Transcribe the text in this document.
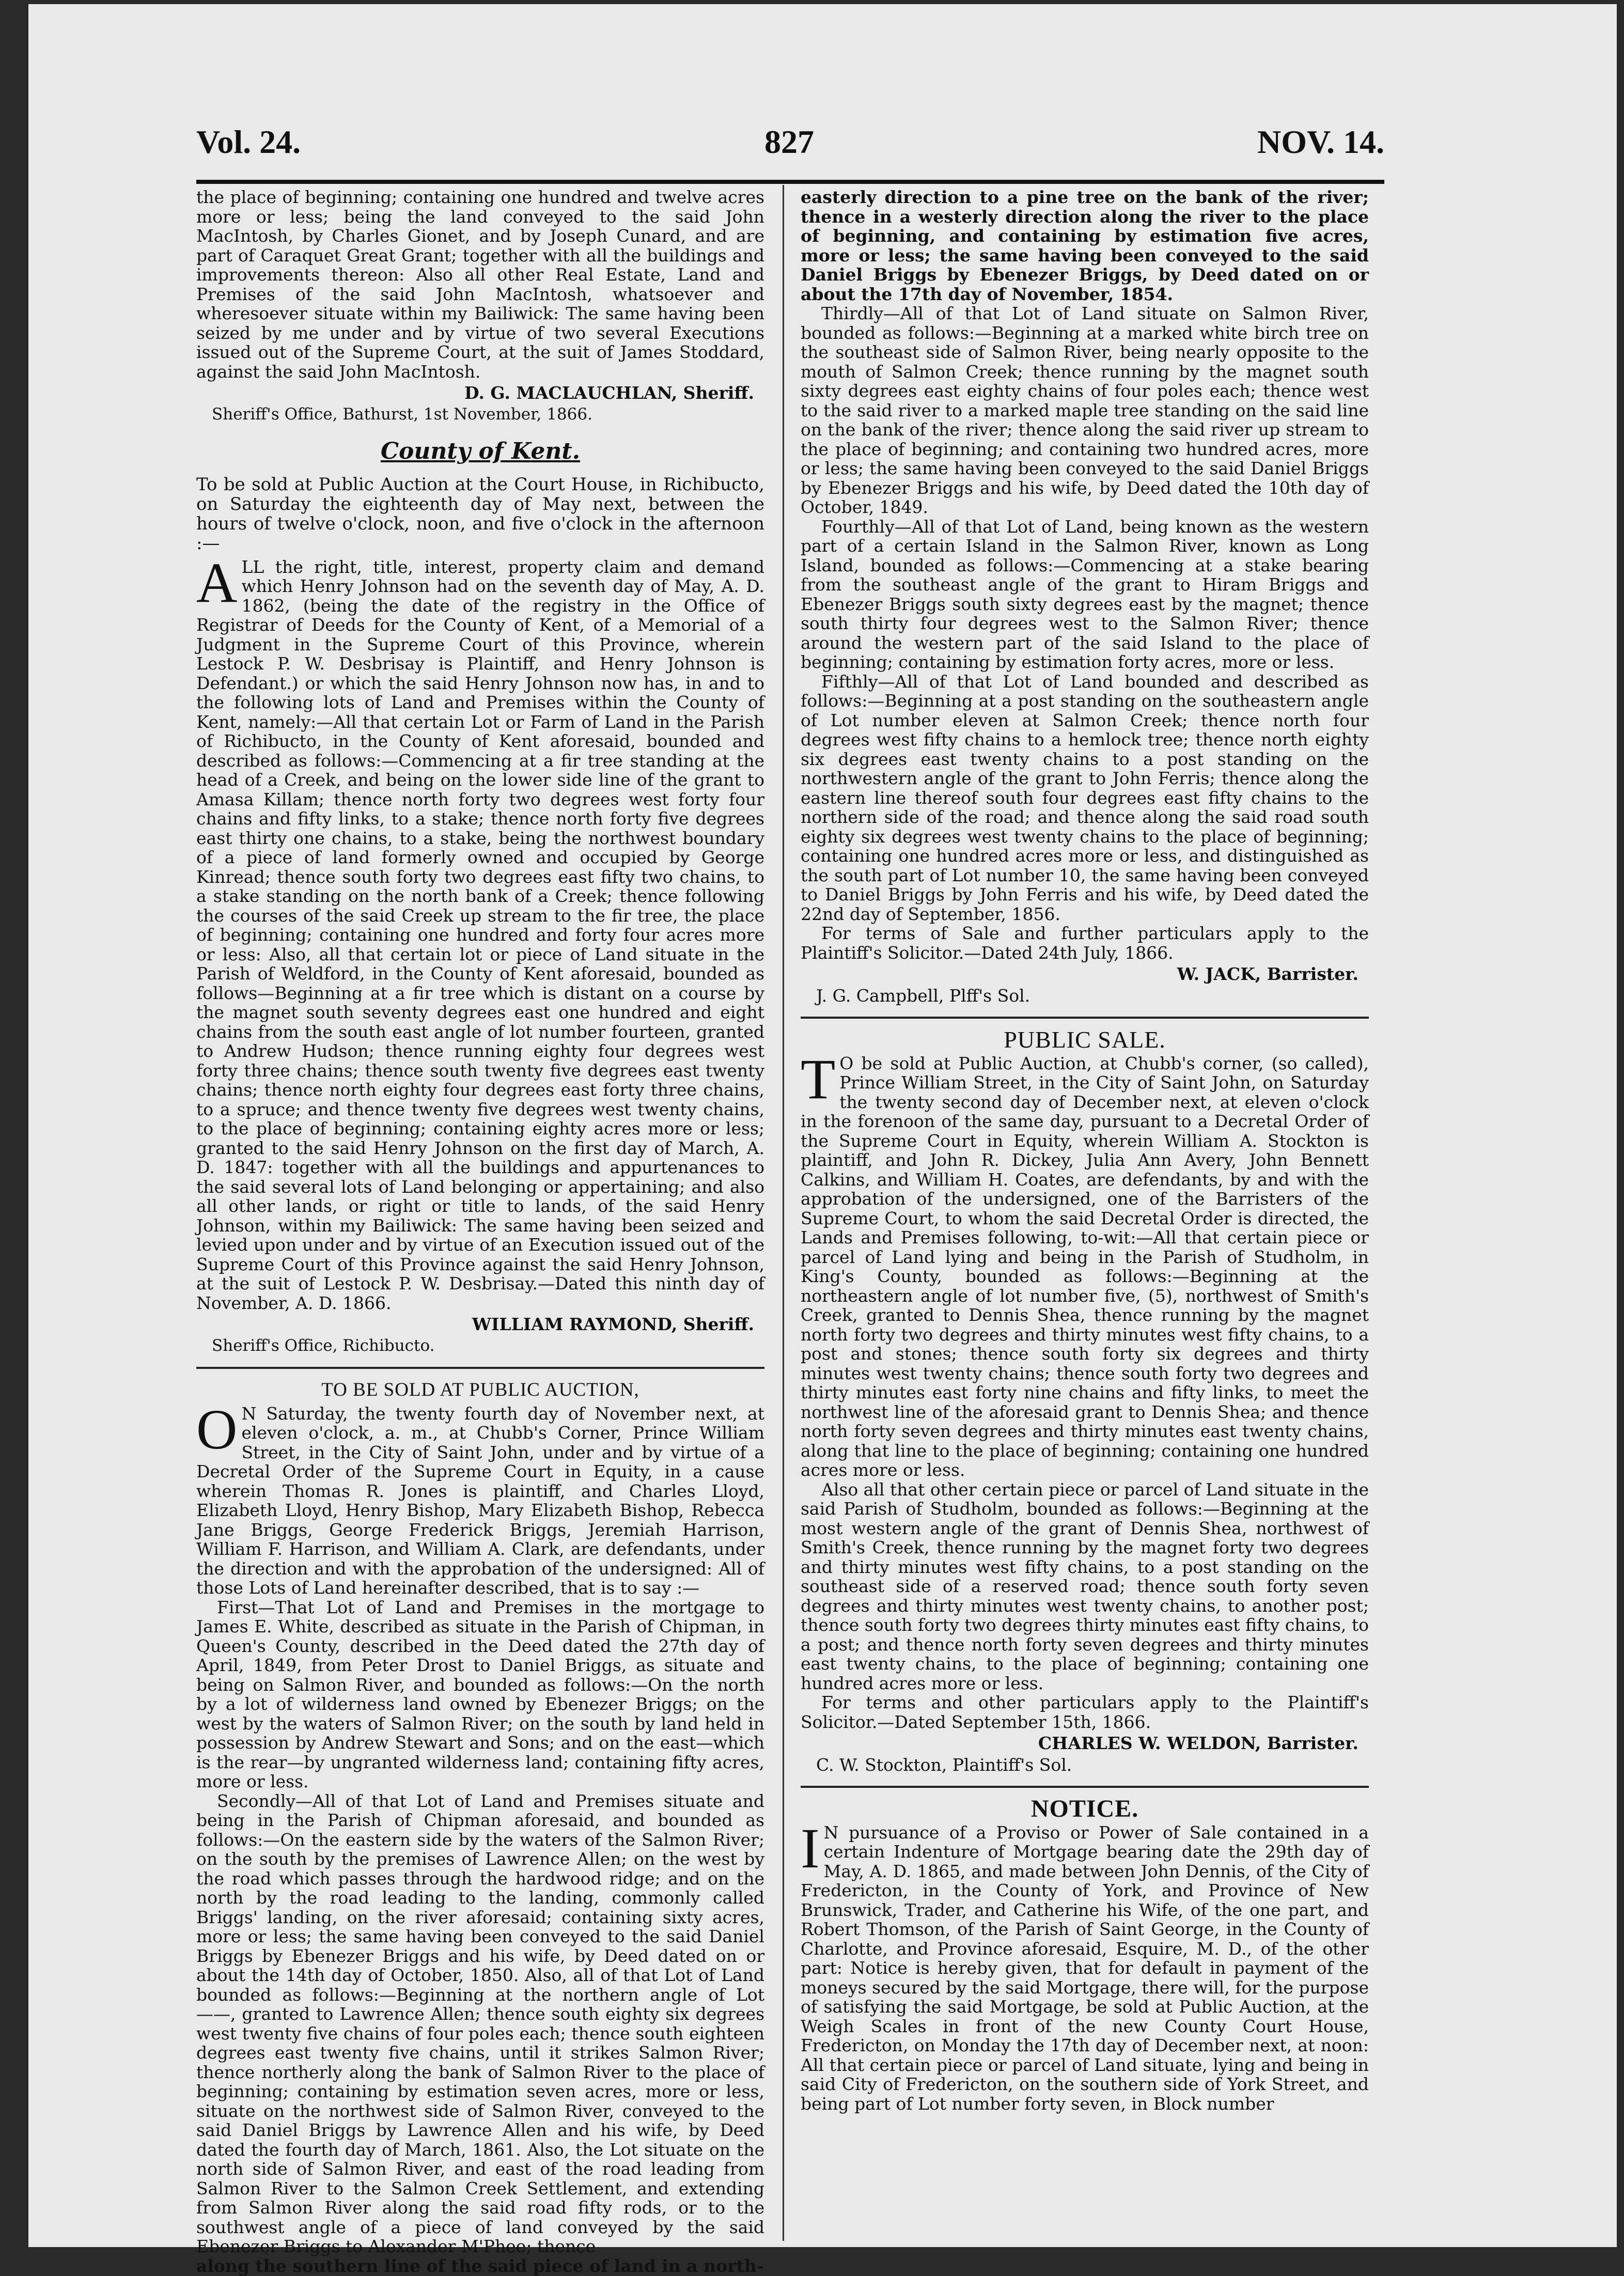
Vol. 24.	827	NOV. 14.

the place of beginning; containing one hundred and twelve acres more or less; being the land conveyed to the said John MacIntosh, by Charles Gionet, and by Joseph Cunard, and are part of Caraquet Great Grant; together with all the buildings and improvements thereon: Also all other Real Estate, Land and Premises of the said John MacIntosh, whatsoever and wheresoever situate within my Bailiwick: The same having been seized by me under and by virtue of two several Executions issued out of the Supreme Court, at the suit of James Stoddard, against the said John MacIntosh.

D. G. MACLAUCHLAN, Sheriff.

Sheriff's Office, Bathurst, 1st November, 1866.

County of Kent.

To be sold at Public Auction at the Court House, in Richibucto, on Saturday the eighteenth day of May next, between the hours of twelve o'clock, noon, and five o'clock in the afternoon :—

ALL the right, title, interest, property claim and demand which Henry Johnson had on the seventh day of May, A. D. 1862, (being the date of the registry in the Office of Registrar of Deeds for the County of Kent, of a Memorial of a Judgment in the Supreme Court of this Province, wherein Lestock P. W. Desbrisay is Plaintiff, and Henry Johnson is Defendant.) or which the said Henry Johnson now has, in and to the following lots of Land and Premises within the County of Kent, namely:—All that certain Lot or Farm of Land in the Parish of Richibucto, in the County of Kent aforesaid, bounded and described as follows:—Commencing at a fir tree standing at the head of a Creek, and being on the lower side line of the grant to Amasa Killam; thence north forty two degrees west forty four chains and fifty links, to a stake; thence north forty five degrees east thirty one chains, to a stake, being the northwest boundary of a piece of land formerly owned and occupied by George Kinread; thence south forty two degrees east fifty two chains, to a stake standing on the north bank of a Creek; thence following the courses of the said Creek up stream to the fir tree, the place of beginning; containing one hundred and forty four acres more or less: Also, all that certain lot or piece of Land situate in the Parish of Weldford, in the County of Kent aforesaid, bounded as follows—Beginning at a fir tree which is distant on a course by the magnet south seventy degrees east one hundred and eight chains from the south east angle of lot number fourteen, granted to Andrew Hudson; thence running eighty four degrees west forty three chains; thence south twenty five degrees east twenty chains; thence north eighty four degrees east forty three chains, to a spruce; and thence twenty five degrees west twenty chains, to the place of beginning; containing eighty acres more or less; granted to the said Henry Johnson on the first day of March, A. D. 1847: together with all the buildings and appurtenances to the said several lots of Land belonging or appertaining; and also all other lands, or right or title to lands, of the said Henry Johnson, within my Bailiwick: The same having been seized and levied upon under and by virtue of an Execution issued out of the Supreme Court of this Province against the said Henry Johnson, at the suit of Lestock P. W. Desbrisay.—Dated this ninth day of November, A. D. 1866.

WILLIAM RAYMOND, Sheriff.

Sheriff's Office, Richibucto.

TO BE SOLD AT PUBLIC AUCTION,

O N Saturday, the twenty fourth day of November next, at eleven o'clock, a. m., at Chubb's Corner, Prince William Street, in the City of Saint John, under and by virtue of a Decretal Order of the Supreme Court in Equity, in a cause wherein Thomas R. Jones is plaintiff, and Charles Lloyd, Elizabeth Lloyd, Henry Bishop, Mary Elizabeth Bishop, Rebecca Jane Briggs, George Frederick Briggs, Jeremiah Harrison, William F. Harrison, and William A. Clark, are defendants, under the direction and with the approbation of the undersigned: All of those Lots of Land hereinafter described, that is to say :—

First—That Lot of Land and Premises in the mortgage to James E. White, described as situate in the Parish of Chipman, in Queen's County, described in the Deed dated the 27th day of April, 1849, from Peter Drost to Daniel Briggs, as situate and being on Salmon River, and bounded as follows:—On the north by a lot of wilderness land owned by Ebenezer Briggs; on the west by the waters of Salmon River; on the south by land held in possession by Andrew Stewart and Sons; and on the east—which is the rear—by ungranted wilderness land; containing fifty acres, more or less.

Secondly—All of that Lot of Land and Premises situate and being in the Parish of Chipman aforesaid, and bounded as follows:—On the eastern side by the waters of the Salmon River; on the south by the premises of Lawrence Allen; on the west by the road which passes through the hardwood ridge; and on the north by the road leading to the landing, commonly called Briggs' landing, on the river aforesaid; containing sixty acres, more or less; the same having been conveyed to the said Daniel Briggs by Ebenezer Briggs and his wife, by Deed dated on or about the 14th day of October, 1850. Also, all of that Lot of Land bounded as follows:—Beginning at the northern angle of Lot ——, granted to Lawrence Allen; thence south eighty six degrees west twenty five chains of four poles each; thence south eighteen degrees east twenty five chains, until it strikes Salmon River; thence northerly along the bank of Salmon River to the place of beginning; containing by estimation seven acres, more or less, situate on the northwest side of Salmon River, conveyed to the said Daniel Briggs by Lawrence Allen and his wife, by Deed dated the fourth day of March, 1861. Also, the Lot situate on the north side of Salmon River, and east of the road leading from Salmon River to the Salmon Creek Settlement, and extending from Salmon River along the said road fifty rods, or to the southwest angle of a piece of land conveyed by the said Ebenezer Briggs to Alexander M'Phee; thence

along the southern line of the said piece of land in a north-

easterly direction to a pine tree on the bank of the river; thence in a westerly direction along the river to the place of beginning, and containing by estimation five acres, more or less; the same having been conveyed to the said Daniel Briggs by Ebenezer Briggs, by Deed dated on or about the 17th day of November, 1854.

Thirdly—All of that Lot of Land situate on Salmon River, bounded as follows:—Beginning at a marked white birch tree on the southeast side of Salmon River, being nearly opposite to the mouth of Salmon Creek; thence running by the magnet south sixty degrees east eighty chains of four poles each; thence west to the said river to a marked maple tree standing on the said line on the bank of the river; thence along the said river up stream to the place of beginning; and containing two hundred acres, more or less; the same having been conveyed to the said Daniel Briggs by Ebenezer Briggs and his wife, by Deed dated the 10th day of October, 1849.

Fourthly—All of that Lot of Land, being known as the western part of a certain Island in the Salmon River, known as Long Island, bounded as follows:—Commencing at a stake bearing from the southeast angle of the grant to Hiram Briggs and Ebenezer Briggs south sixty degrees east by the magnet; thence south thirty four degrees west to the Salmon River; thence around the western part of the said Island to the place of beginning; containing by estimation forty acres, more or less.

Fifthly—All of that Lot of Land bounded and described as follows:—Beginning at a post standing on the southeastern angle of Lot number eleven at Salmon Creek; thence north four degrees west fifty chains to a hemlock tree; thence north eighty six degrees east twenty chains to a post standing on the northwestern angle of the grant to John Ferris; thence along the eastern line thereof south four degrees east fifty chains to the northern side of the road; and thence along the said road south eighty six degrees west twenty chains to the place of beginning; containing one hundred acres more or less, and distinguished as the south part of Lot number 10, the same having been conveyed to Daniel Briggs by John Ferris and his wife, by Deed dated the 22nd day of September, 1856.

For terms of Sale and further particulars apply to the Plaintiff's Solicitor.—Dated 24th July, 1866.

W. JACK, Barrister.

J. G. Campbell, Plff's Sol.

PUBLIC SALE.

T O be sold at Public Auction, at Chubb's corner, (so called), Prince William Street, in the City of Saint John, on Saturday the twenty second day of December next, at eleven o'clock in the forenoon of the same day, pursuant to a Decretal Order of the Supreme Court in Equity, wherein William A. Stockton is plaintiff, and John R. Dickey, Julia Ann Avery, John Bennett Calkins, and William H. Coates, are defendants, by and with the approbation of the undersigned, one of the Barristers of the Supreme Court, to whom the said Decretal Order is directed, the Lands and Premises following, to-wit:—All that certain piece or parcel of Land lying and being in the Parish of Studholm, in King's County, bounded as follows:—Beginning at the northeastern angle of lot number five, (5), northwest of Smith's Creek, granted to Dennis Shea, thence running by the magnet north forty two degrees and thirty minutes west fifty chains, to a post and stones; thence south forty six degrees and thirty minutes west twenty chains; thence south forty two degrees and thirty minutes east forty nine chains and fifty links, to meet the northwest line of the aforesaid grant to Dennis Shea; and thence north forty seven degrees and thirty minutes east twenty chains, along that line to the place of beginning; containing one hundred acres more or less.

Also all that other certain piece or parcel of Land situate in the said Parish of Studholm, bounded as follows:—Beginning at the most western angle of the grant of Dennis Shea, northwest of Smith's Creek, thence running by the magnet forty two degrees and thirty minutes west fifty chains, to a post standing on the southeast side of a reserved road; thence south forty seven degrees and thirty minutes west twenty chains, to another post; thence south forty two degrees thirty minutes east fifty chains, to a post; and thence north forty seven degrees and thirty minutes east twenty chains, to the place of beginning; containing one hundred acres more or less.

For terms and other particulars apply to the Plaintiff's Solicitor.—Dated September 15th, 1866.

CHARLES W. WELDON, Barrister.

C. W. Stockton, Plaintiff's Sol.

NOTICE.

I N pursuance of a Proviso or Power of Sale contained in a certain Indenture of Mortgage bearing date the 29th day of May, A. D. 1865, and made between John Dennis, of the City of Fredericton, in the County of York, and Province of New Brunswick, Trader, and Catherine his Wife, of the one part, and Robert Thomson, of the Parish of Saint George, in the County of Charlotte, and Province aforesaid, Esquire, M. D., of the other part: Notice is hereby given, that for default in payment of the moneys secured by the said Mortgage, there will, for the purpose of satisfying the said Mortgage, be sold at Public Auction, at the Weigh Scales in front of the new County Court House, Fredericton, on Monday the 17th day of December next, at noon: All that certain piece or parcel of Land situate, lying and being in said City of Fredericton, on the southern side of York Street, and being part of Lot number forty seven, in Block number
